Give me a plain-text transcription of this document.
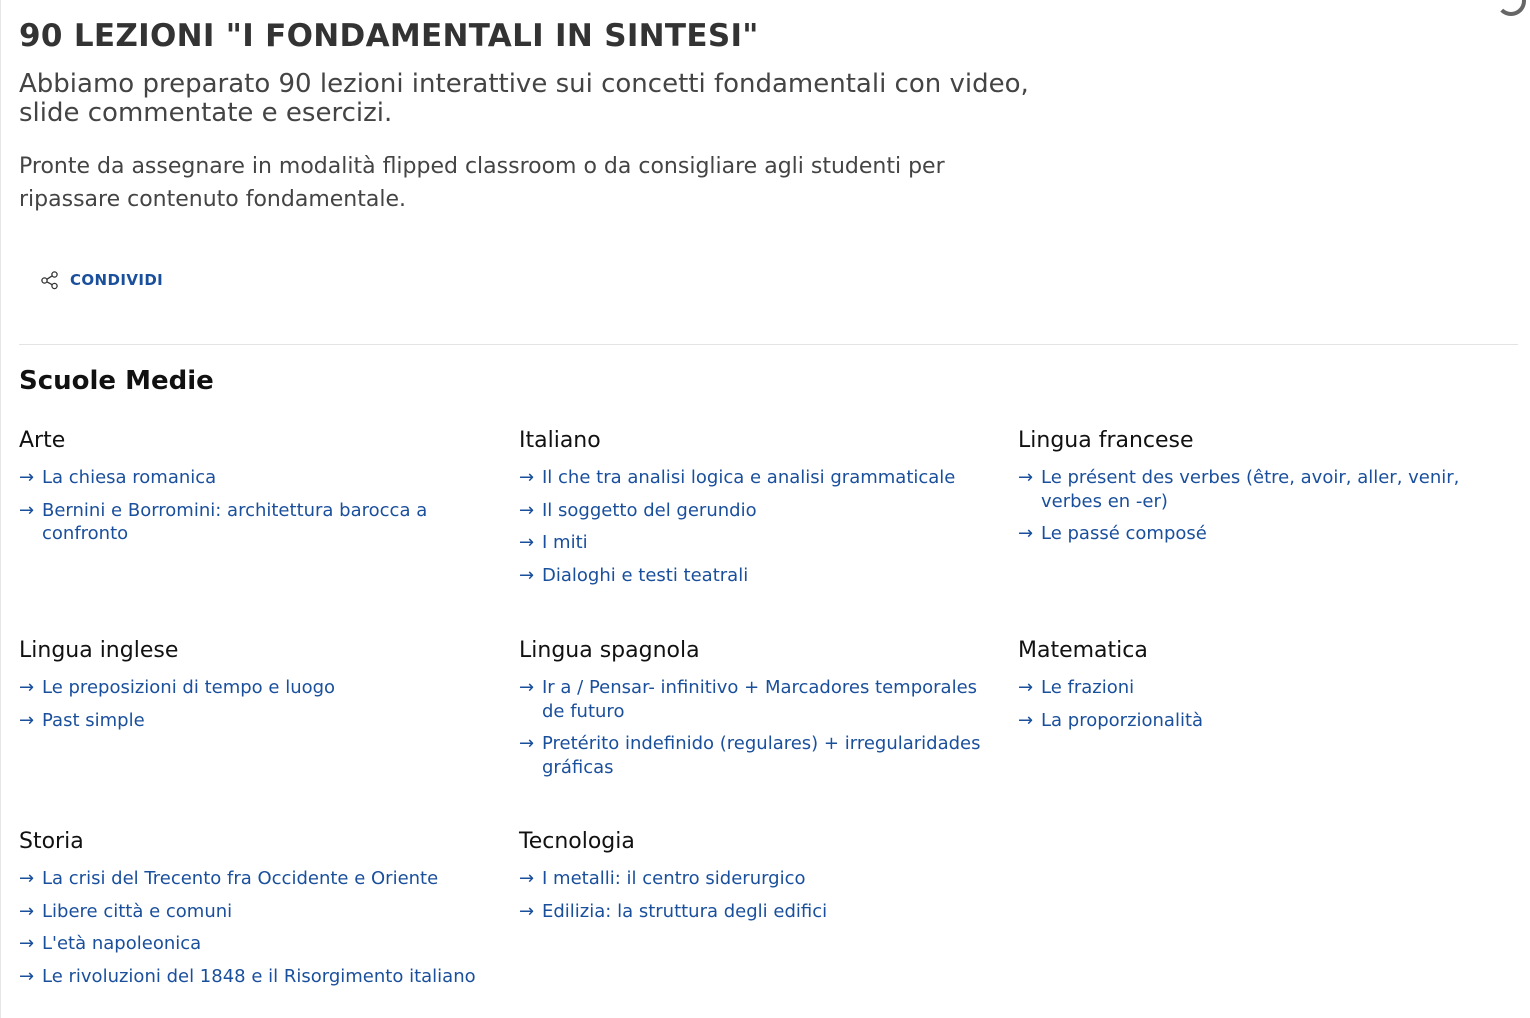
90 LEZIONI "I FONDAMENTALI IN SINTESI"

Abbiamo preparato 90 lezioni interattive sui concetti fondamentali con video, slide commentate e esercizi.

Pronte da assegnare in modalità flipped classroom o da consigliare agli studenti per ripassare contenuto fondamentale.

CONDIVIDI
Scuole Medie
Arte
→ La chiesa romanica
→ Bernini e Borromini: architettura barocca a confronto
Italiano
→ Il che tra analisi logica e analisi grammaticale
→ Il soggetto del gerundio
→ I miti
→ Dialoghi e testi teatrali
Lingua francese
→ Le présent des verbes (être, avoir, aller, venir, verbes en -er)
→ Le passé composé
Lingua inglese
→ Le preposizioni di tempo e luogo
→ Past simple
Lingua spagnola
→ Ir a / Pensar- infinitivo + Marcadores temporales de futuro
→ Pretérito indefinido (regulares) + irregularidades gráficas
Matematica
→ Le frazioni
→ La proporzionalità
Storia
→ La crisi del Trecento fra Occidente e Oriente
→ Libere città e comuni
→ L'età napoleonica
→ Le rivoluzioni del 1848 e il Risorgimento italiano
Tecnologia
→ I metalli: il centro siderurgico
→ Edilizia: la struttura degli edifici
